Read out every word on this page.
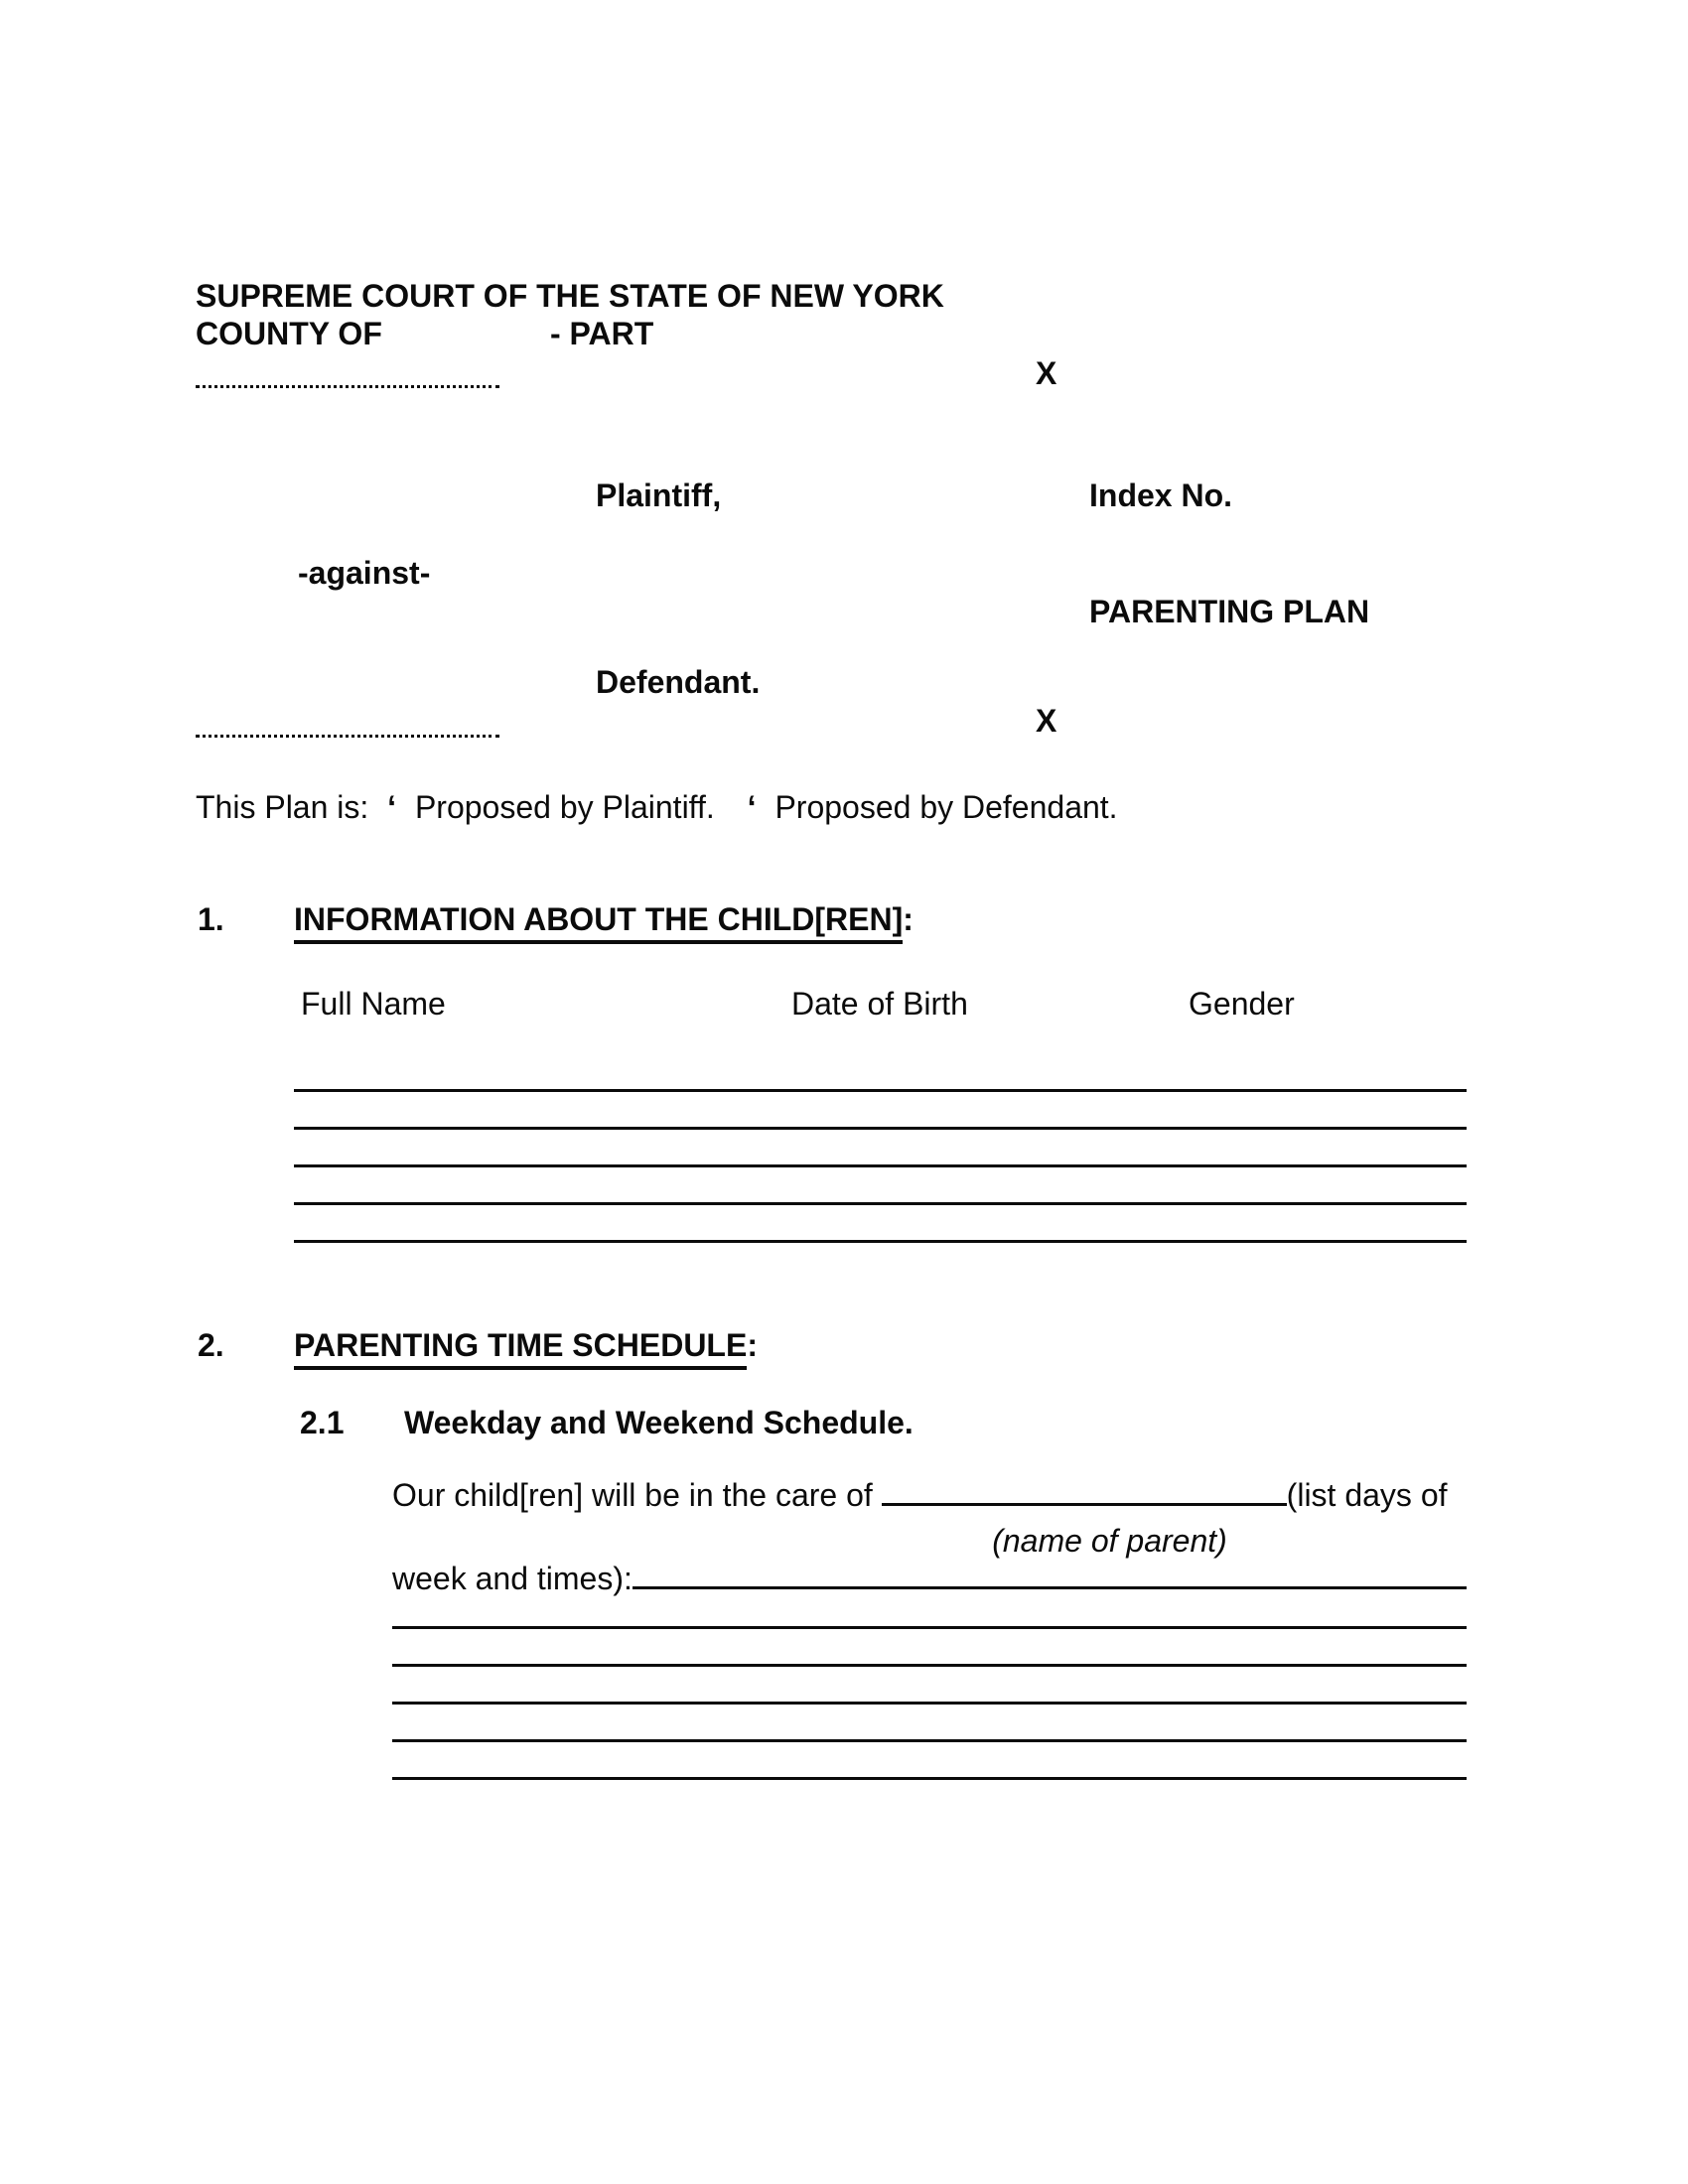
SUPREME COURT OF THE STATE OF NEW YORK
COUNTY OF	- PART
X
Plaintiff,	Index No.
-against-
PARENTING PLAN
Defendant.
X
This Plan is: ‘ Proposed by Plaintiff. ‘ Proposed by Defendant.
1. INFORMATION ABOUT THE CHILD[REN]:
Full Name	Date of Birth	Gender
2. PARENTING TIME SCHEDULE:
2.1 Weekday and Weekend Schedule.
Our child[ren] will be in the care of	(list days of
(name of parent)
week and times):
